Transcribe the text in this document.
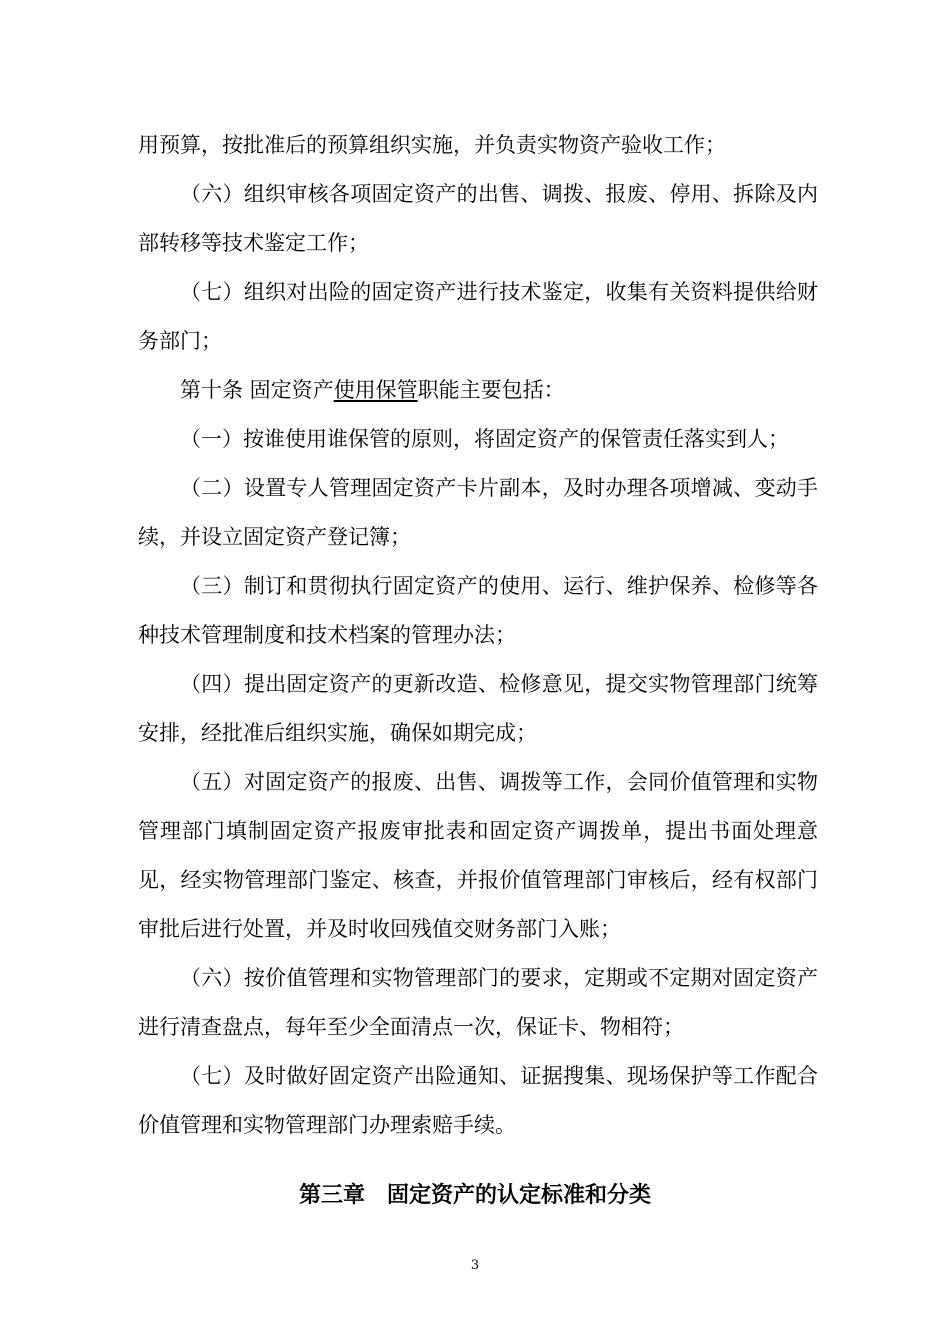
用预算，按批准后的预算组织实施，并负责实物资产验收工作；

（六）组织审核各项固定资产的出售、调拨、报废、停用、拆除及内部转移等技术鉴定工作；

（七）组织对出险的固定资产进行技术鉴定，收集有关资料提供给财务部门；

第十条 固定资产使用保管职能主要包括：

（一）按谁使用谁保管的原则，将固定资产的保管责任落实到人；

（二）设置专人管理固定资产卡片副本，及时办理各项增减、变动手续，并设立固定资产登记簿；

（三）制订和贯彻执行固定资产的使用、运行、维护保养、检修等各种技术管理制度和技术档案的管理办法；

（四）提出固定资产的更新改造、检修意见，提交实物管理部门统筹安排，经批准后组织实施，确保如期完成；

（五）对固定资产的报废、出售、调拨等工作，会同价值管理和实物管理部门填制固定资产报废审批表和固定资产调拨单，提出书面处理意见，经实物管理部门鉴定、核查，并报价值管理部门审核后，经有权部门审批后进行处置，并及时收回残值交财务部门入账；

（六）按价值管理和实物管理部门的要求，定期或不定期对固定资产进行清查盘点，每年至少全面清点一次，保证卡、物相符；

（七）及时做好固定资产出险通知、证据搜集、现场保护等工作配合价值管理和实物管理部门办理索赔手续。

第三章　固定资产的认定标准和分类
3
